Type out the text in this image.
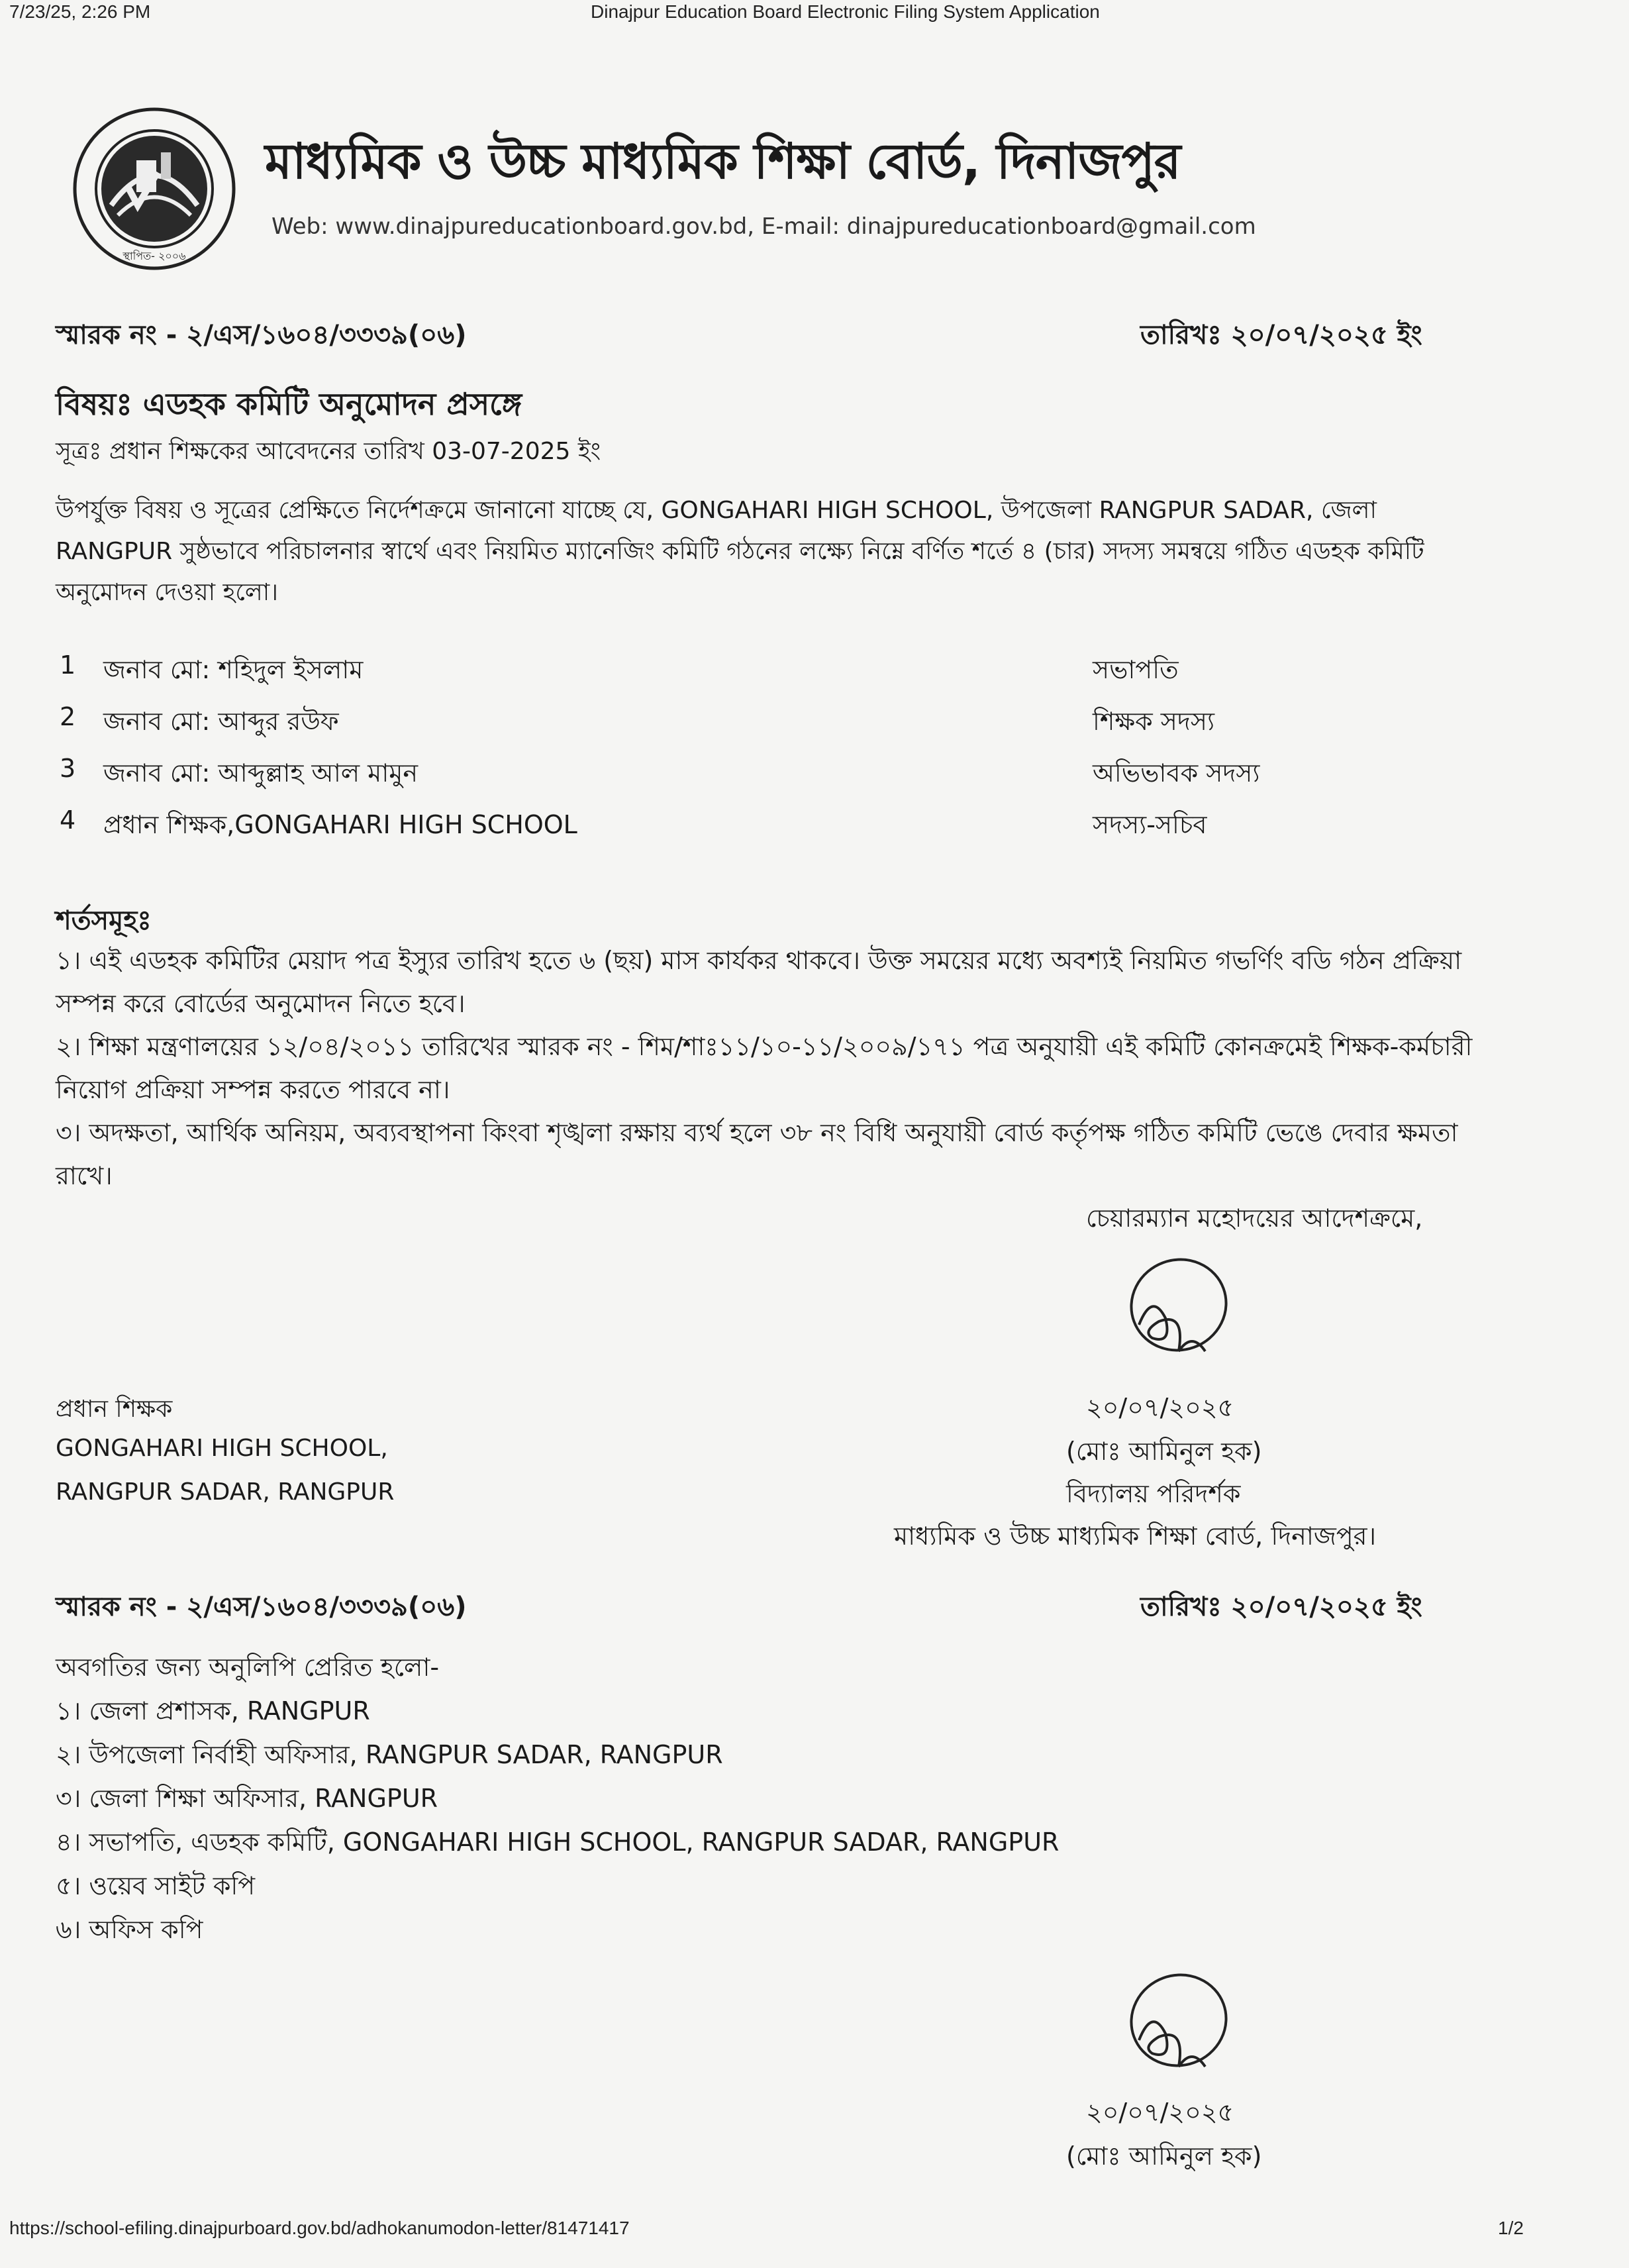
7/23/25, 2:26 PM	Dinajpur Education Board Electronic Filing System Application
https://school-efiling.dinajpurboard.gov.bd/adhokanumodon-letter/81471417	1/2
স্থাপিত- ২০০৬
মাধ্যমিক ও উচ্চ মাধ্যমিক শিক্ষা বোর্ড, দিনাজপুর
Web: www.dinajpureducationboard.gov.bd, E-mail: dinajpureducationboard@gmail.com
স্মারক নং - ২/এস/১৬০৪/৩৩৩৯(০৬)	তারিখঃ ২০/০৭/২০২৫ ইং
বিষয়ঃ এডহক কমিটি অনুমোদন প্রসঙ্গে
সূত্রঃ প্রধান শিক্ষকের আবেদনের তারিখ 03-07-2025 ইং
উপর্যুক্ত বিষয় ও সূত্রের প্রেক্ষিতে নির্দেশক্রমে জানানো যাচ্ছে যে, GONGAHARI HIGH SCHOOL, উপজেলা RANGPUR SADAR, জেলা RANGPUR সুষ্ঠভাবে পরিচালনার স্বার্থে এবং নিয়মিত ম্যানেজিং কমিটি গঠনের লক্ষ্যে নিম্নে বর্ণিত শর্তে ৪ (চার) সদস্য সমন্বয়ে গঠিত এডহক কমিটি অনুমোদন দেওয়া হলো।
1 জনাব মো: শহিদুল ইসলাম	সভাপতি
2 জনাব মো: আব্দুর রউফ	শিক্ষক সদস্য
3 জনাব মো: আব্দুল্লাহ আল মামুন	অভিভাবক সদস্য
4 প্রধান শিক্ষক,GONGAHARI HIGH SCHOOL	সদস্য-সচিব
শর্তসমূহঃ
১। এই এডহক কমিটির মেয়াদ পত্র ইস্যুর তারিখ হতে ৬ (ছয়) মাস কার্যকর থাকবে। উক্ত সময়ের মধ্যে অবশ্যই নিয়মিত গভর্ণিং বডি গঠন প্রক্রিয়া সম্পন্ন করে বোর্ডের অনুমোদন নিতে হবে।
২। শিক্ষা মন্ত্রণালয়ের ১২/০৪/২০১১ তারিখের স্মারক নং - শিম/শাঃ১১/১০-১১/২০০৯/১৭১ পত্র অনুযায়ী এই কমিটি কোনক্রমেই শিক্ষক-কর্মচারী নিয়োগ প্রক্রিয়া সম্পন্ন করতে পারবে না।
৩। অদক্ষতা, আর্থিক অনিয়ম, অব্যবস্থাপনা কিংবা শৃঙ্খলা রক্ষায় ব্যর্থ হলে ৩৮ নং বিধি অনুযায়ী বোর্ড কর্তৃপক্ষ গঠিত কমিটি ভেঙে দেবার ক্ষমতা রাখে।
চেয়ারম্যান মহোদয়ের আদেশক্রমে,
প্রধান শিক্ষক
GONGAHARI HIGH SCHOOL,
RANGPUR SADAR, RANGPUR
২০/০৭/২০২৫
(মোঃ আমিনুল হক)
বিদ্যালয় পরিদর্শক
মাধ্যমিক ও উচ্চ মাধ্যমিক শিক্ষা বোর্ড, দিনাজপুর।
স্মারক নং - ২/এস/১৬০৪/৩৩৩৯(০৬)	তারিখঃ ২০/০৭/২০২৫ ইং
অবগতির জন্য অনুলিপি প্রেরিত হলো-
১। জেলা প্রশাসক, RANGPUR
২। উপজেলা নির্বাহী অফিসার, RANGPUR SADAR, RANGPUR
৩। জেলা শিক্ষা অফিসার, RANGPUR
৪। সভাপতি, এডহক কমিটি, GONGAHARI HIGH SCHOOL, RANGPUR SADAR, RANGPUR
৫। ওয়েব সাইট কপি
৬। অফিস কপি
২০/০৭/২০২৫
(মোঃ আমিনুল হক)
